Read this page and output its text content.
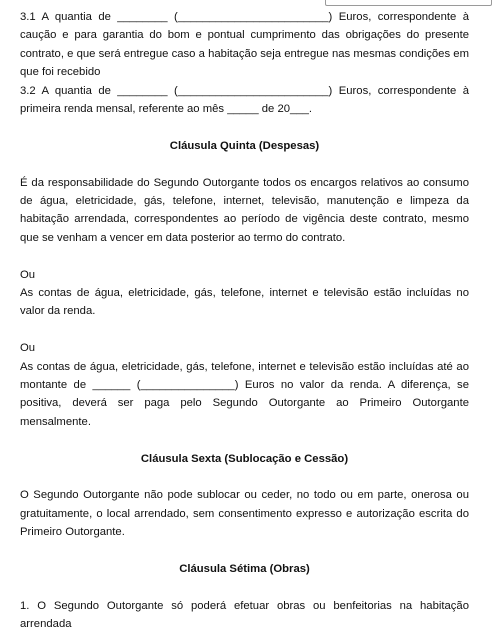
3.1 A quantia de ________ (________________________) Euros, correspondente à caução e para garantia do bom e pontual cumprimento das obrigações do presente contrato, e que será entregue caso a habitação seja entregue nas mesmas condições em que foi recebido

3.2 A quantia de ________ (________________________) Euros, correspondente à primeira renda mensal, referente ao mês _____ de 20___.

Cláusula Quinta (Despesas)

É da responsabilidade do Segundo Outorgante todos os encargos relativos ao consumo de água, eletricidade, gás, telefone, internet, televisão, manutenção e limpeza da habitação arrendada, correspondentes ao período de vigência deste contrato, mesmo que se venham a vencer em data posterior ao termo do contrato.

Ou

As contas de água, eletricidade, gás, telefone, internet e televisão estão incluídas no valor da renda.

Ou

As contas de água, eletricidade, gás, telefone, internet e televisão estão incluídas até ao montante de ______ (_______________) Euros no valor da renda. A diferença, se positiva, deverá ser paga pelo Segundo Outorgante ao Primeiro Outorgante mensalmente.

Cláusula Sexta (Sublocação e Cessão)

O Segundo Outorgante não pode sublocar ou ceder, no todo ou em parte, onerosa ou gratuitamente, o local arrendado, sem consentimento expresso e autorização escrita do Primeiro Outorgante.

Cláusula Sétima (Obras)

1. O Segundo Outorgante só poderá efetuar obras ou benfeitorias na habitação arrendada
